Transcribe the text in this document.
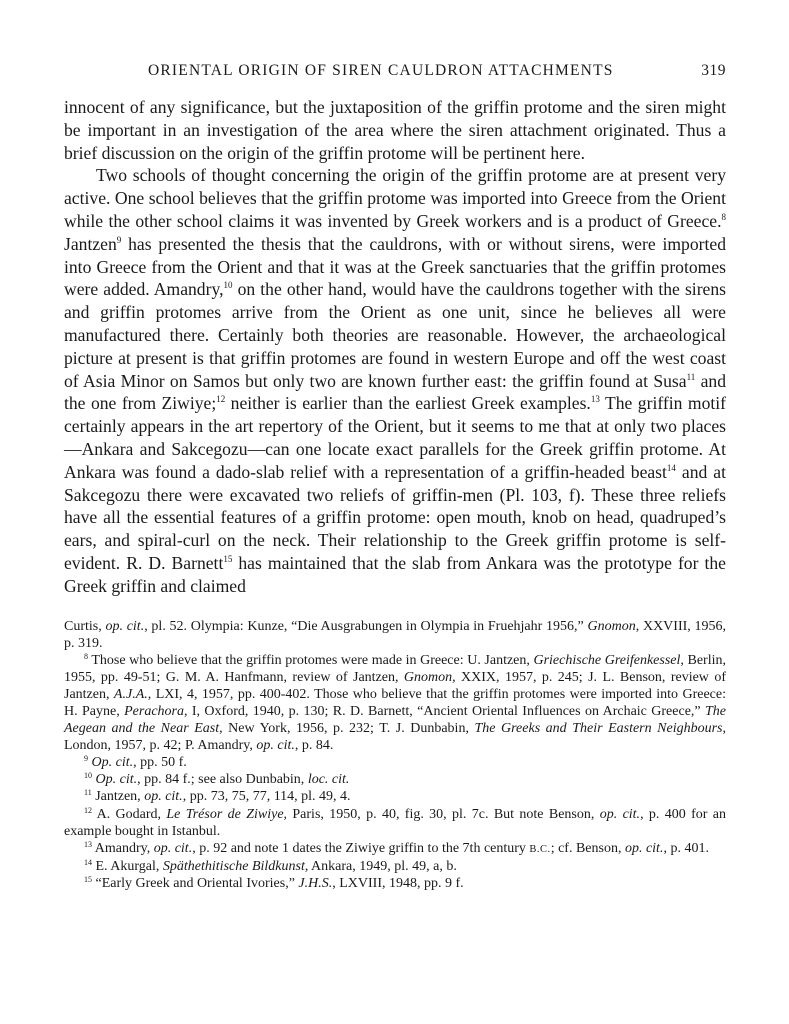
ORIENTAL ORIGIN OF SIREN CAULDRON ATTACHMENTS	319

innocent of any significance, but the juxtaposition of the griffin protome and the siren might be important in an investigation of the area where the siren attachment originated. Thus a brief discussion on the origin of the griffin protome will be pertinent here.

Two schools of thought concerning the origin of the griffin protome are at present very active. One school believes that the griffin protome was imported into Greece from the Orient while the other school claims it was invented by Greek workers and is a product of Greece.$^8$ Jantzen$^9$ has presented the thesis that the cauldrons, with or without sirens, were imported into Greece from the Orient and that it was at the Greek sanctuaries that the griffin protomes were added. Amandry,$^{10}$ on the other hand, would have the cauldrons together with the sirens and griffin protomes arrive from the Orient as one unit, since he believes all were manufactured there. Certainly both theories are reasonable. However, the archaeological picture at present is that griffin protomes are found in western Europe and off the west coast of Asia Minor on Samos but only two are known further east: the griffin found at Susa$^{11}$ and the one from Ziwiye;$^{12}$ neither is earlier than the earliest Greek examples.$^{13}$ The griffin motif certainly appears in the art repertory of the Orient, but it seems to me that at only two places—Ankara and Sakcegozu—can one locate exact parallels for the Greek griffin protome. At Ankara was found a dado-slab relief with a representation of a griffin-headed beast$^{14}$ and at Sakcegozu there were excavated two reliefs of griffin-men (Pl. 103, f). These three reliefs have all the essential features of a griffin protome: open mouth, knob on head, quadruped’s ears, and spiral-curl on the neck. Their relationship to the Greek griffin protome is self-evident. R. D. Barnett$^{15}$ has maintained that the slab from Ankara was the prototype for the Greek griffin and claimed

Curtis, op. cit., pl. 52. Olympia: Kunze, “Die Ausgrabungen in Olympia in Fruehjahr 1956,” Gnomon, XXVIII, 1956, p. 319.

$^8$ Those who believe that the griffin protomes were made in Greece: U. Jantzen, Griechische Greifenkessel, Berlin, 1955, pp. 49-51; G. M. A. Hanfmann, review of Jantzen, Gnomon, XXIX, 1957, p. 245; J. L. Benson, review of Jantzen, A.J.A., LXI, 4, 1957, pp. 400-402. Those who believe that the griffin protomes were imported into Greece: H. Payne, Perachora, I, Oxford, 1940, p. 130; R. D. Barnett, “Ancient Oriental Influences on Archaic Greece,” The Aegean and the Near East, New York, 1956, p. 232; T. J. Dunbabin, The Greeks and Their Eastern Neighbours, London, 1957, p. 42; P. Amandry, op. cit., p. 84.

$^9$ Op. cit., pp. 50 f.

$^{10}$ Op. cit., pp. 84 f.; see also Dunbabin, loc. cit.

$^{11}$ Jantzen, op. cit., pp. 73, 75, 77, 114, pl. 49, 4.

$^{12}$ A. Godard, Le Trésor de Ziwiye, Paris, 1950, p. 40, fig. 30, pl. 7c. But note Benson, op. cit., p. 400 for an example bought in Istanbul.

$^{13}$ Amandry, op. cit., p. 92 and note 1 dates the Ziwiye griffin to the 7th century B.C.; cf. Benson, op. cit., p. 401.

$^{14}$ E. Akurgal, Späthethitische Bildkunst, Ankara, 1949, pl. 49, a, b.

$^{15}$ “Early Greek and Oriental Ivories,” J.H.S., LXVIII, 1948, pp. 9 f.
